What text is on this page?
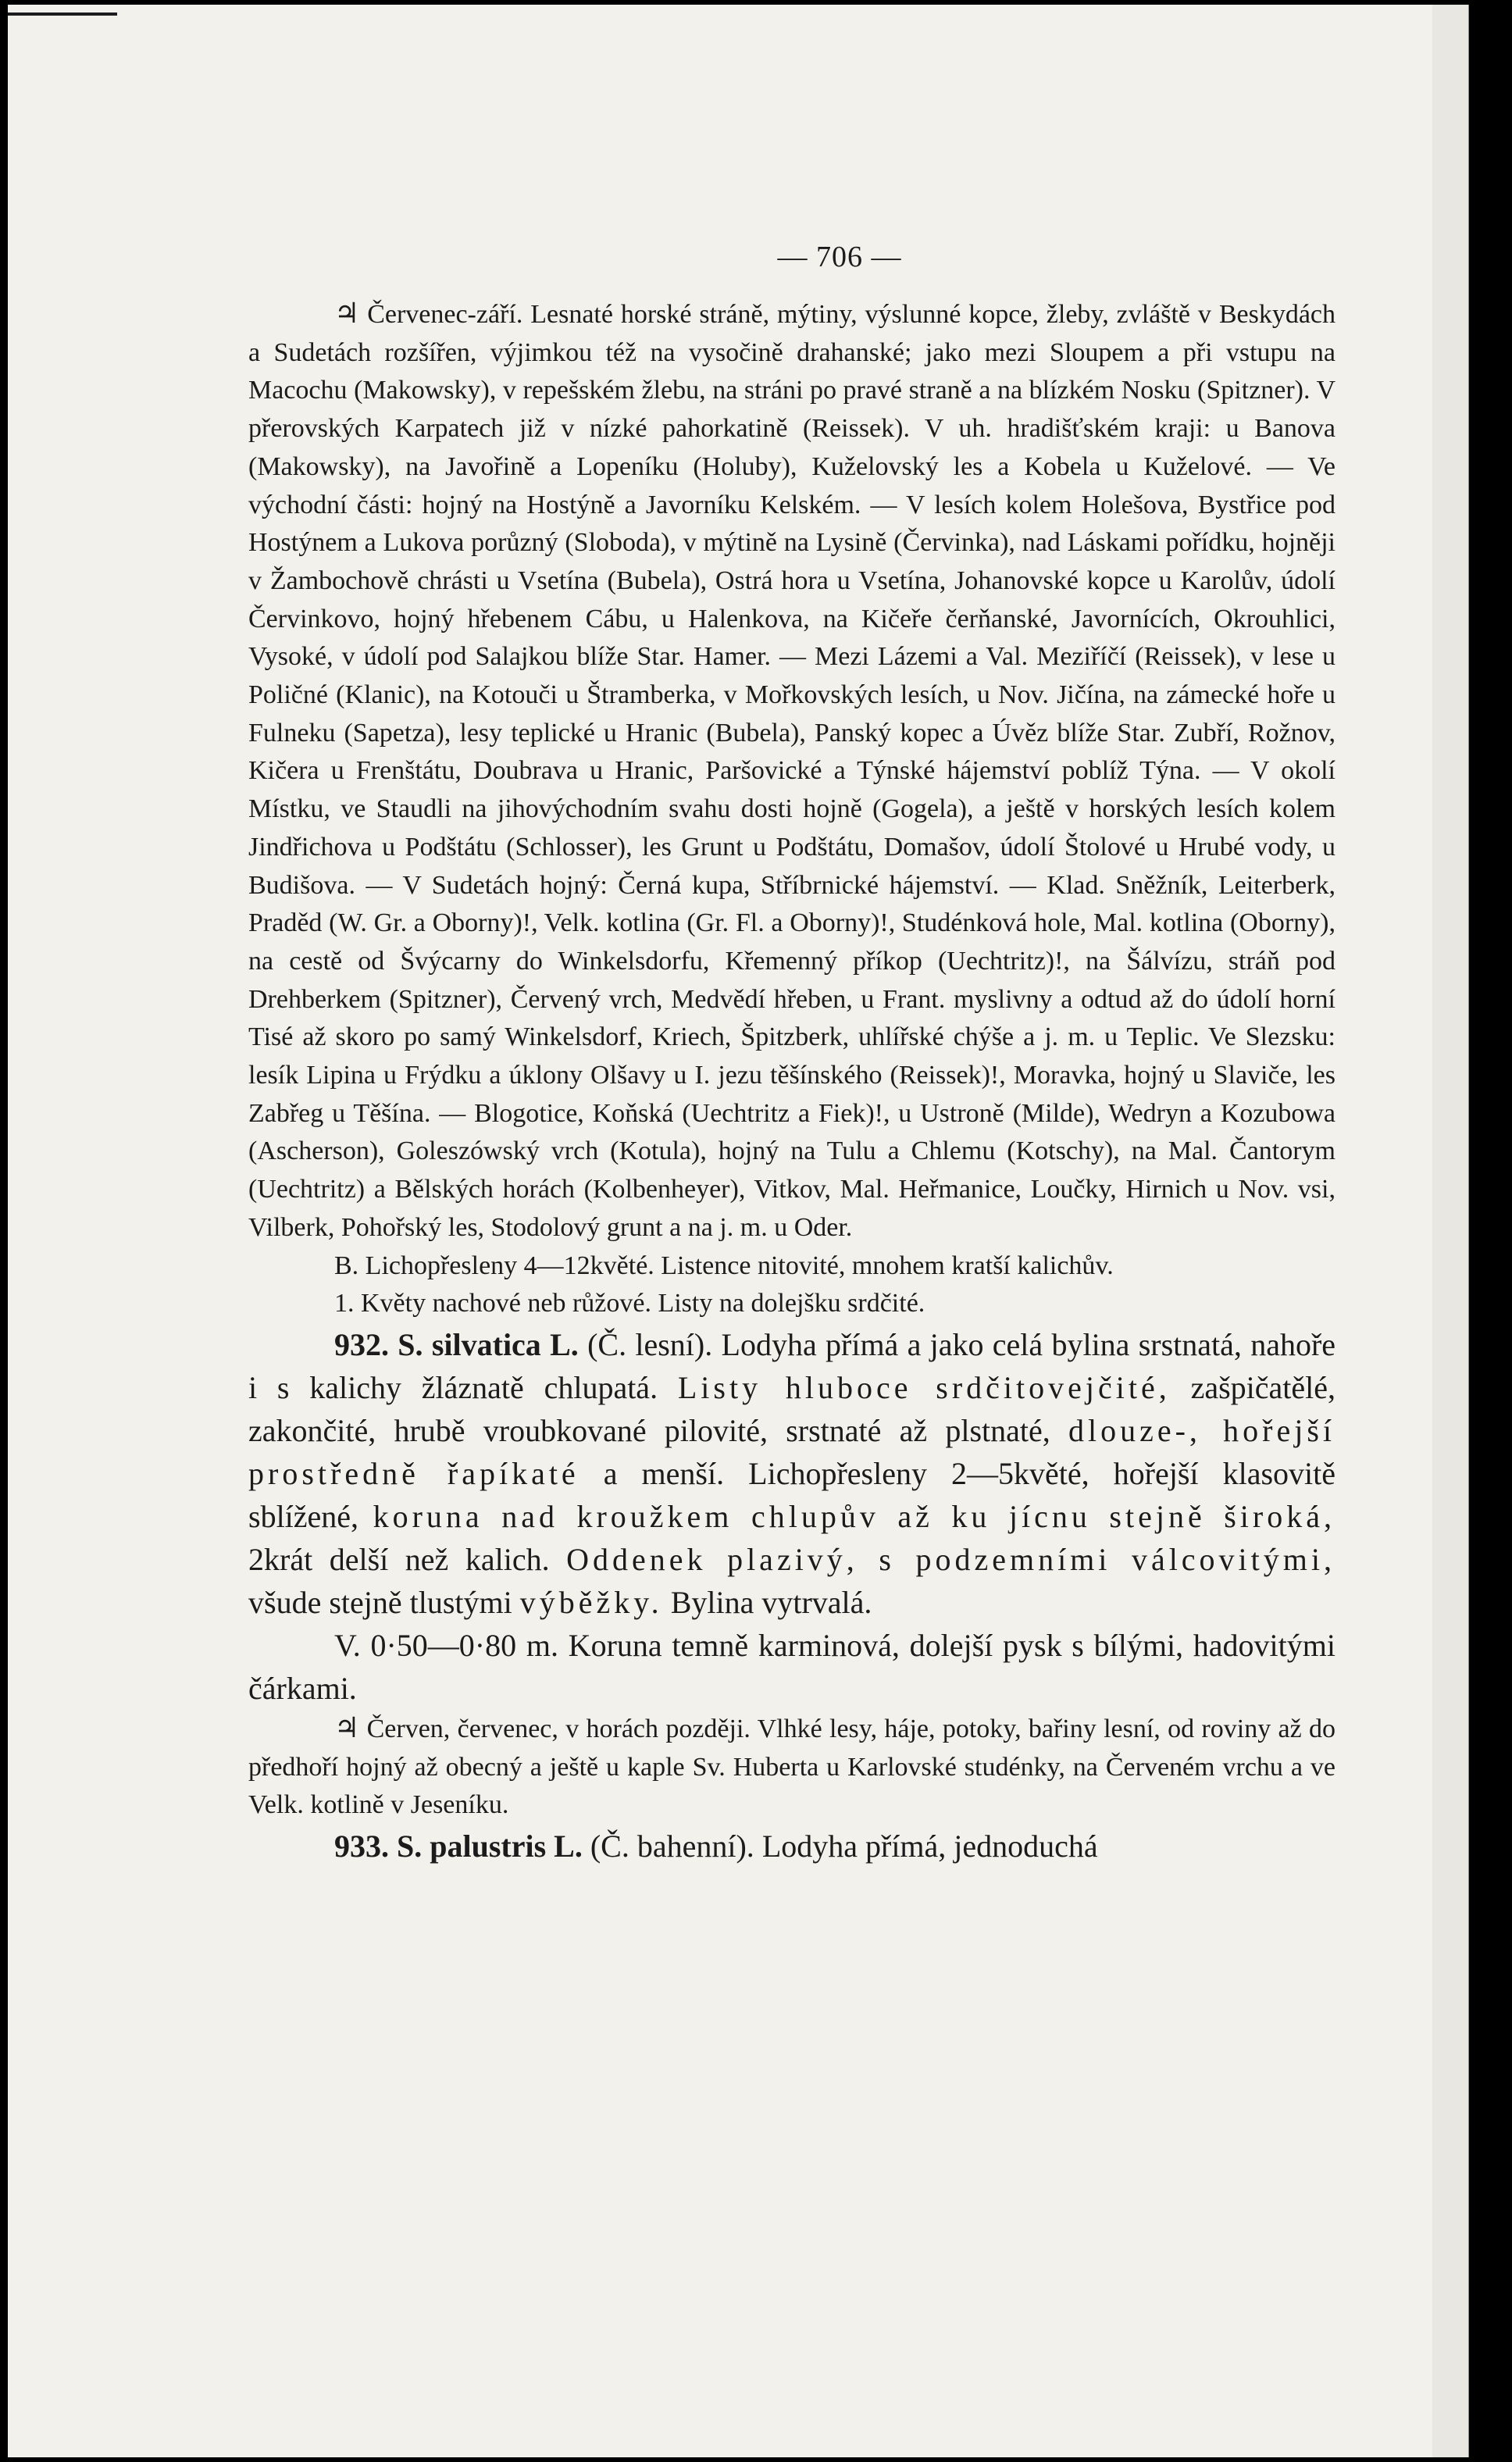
— 706 —

♃ Červenec-září. Lesnaté horské stráně, mýtiny, výslunné kopce, žleby, zvláště v Beskydách a Sudetách rozšířen, výjimkou též na vysočině drahanské; jako mezi Sloupem a při vstupu na Macochu (Makowsky), v repešském žlebu, na stráni po pravé straně a na blízkém Nosku (Spitzner). V přerovských Karpatech již v nízké pahorkatině (Reissek). V uh. hradišťském kraji: u Banova (Makowsky), na Javořině a Lopeníku (Holuby), Kuželovský les a Kobela u Kuželové. — Ve východní části: hojný na Hostýně a Javorníku Kelském. — V lesích kolem Holešova, Bystřice pod Hostýnem a Lukova porůzný (Sloboda), v mýtině na Lysině (Červinka), nad Láskami pořídku, hojněji v Žambochově chrásti u Vsetína (Bubela), Ostrá hora u Vsetína, Johanovské kopce u Karolův, údolí Červinkovo, hojný hřebenem Cábu, u Halenkova, na Kičeře čerňanské, Javornících, Okrouhlici, Vysoké, v údolí pod Salajkou blíže Star. Hamer. — Mezi Lázemi a Val. Meziříčí (Reissek), v lese u Poličné (Klanic), na Kotouči u Štramberka, v Mořkovských lesích, u Nov. Jičína, na zámecké hoře u Fulneku (Sapetza), lesy teplické u Hranic (Bubela), Panský kopec a Úvěz blíže Star. Zubří, Rožnov, Kičera u Frenštátu, Doubrava u Hranic, Paršovické a Týnské hájemství poblíž Týna. — V okolí Místku, ve Staudli na jihovýchodním svahu dosti hojně (Gogela), a ještě v horských lesích kolem Jindřichova u Podštátu (Schlosser), les Grunt u Podštátu, Domašov, údolí Štolové u Hrubé vody, u Budišova. — V Sudetách hojný: Černá kupa, Stříbrnické hájemství. — Klad. Sněžník, Leiterberk, Praděd (W. Gr. a Oborny)!, Velk. kotlina (Gr. Fl. a Oborny)!, Studénková hole, Mal. kotlina (Oborny), na cestě od Švýcarny do Winkelsdorfu, Křemenný příkop (Uechtritz)!, na Šálvízu, stráň pod Drehberkem (Spitzner), Červený vrch, Medvědí hřeben, u Frant. myslivny a odtud až do údolí horní Tisé až skoro po samý Winkelsdorf, Kriech, Špitzberk, uhlířské chýše a j. m. u Teplic. Ve Slezsku: lesík Lipina u Frýdku a úklony Olšavy u I. jezu těšínského (Reissek)!, Moravka, hojný u Slaviče, les Zabřeg u Těšína. — Blogotice, Koňská (Uechtritz a Fiek)!, u Ustroně (Milde), Wedryn a Kozubowa (Ascherson), Goleszówský vrch (Kotula), hojný na Tulu a Chlemu (Kotschy), na Mal. Čantorym (Uechtritz) a Bělských horách (Kolbenheyer), Vitkov, Mal. Heřmanice, Loučky, Hirnich u Nov. vsi, Vilberk, Pohořský les, Stodolový grunt a na j. m. u Oder.

B. Lichopřesleny 4—12květé. Listence nitovité, mnohem kratší kalichův.

1. Květy nachové neb růžové. Listy na dolejšku srdčité.

932. S. silvatica L. (Č. lesní). Lodyha přímá a jako celá bylina srstnatá, nahoře i s kalichy žláznatě chlupatá. Listy hluboce srdčitovejčité, zašpičatělé, zakončité, hrubě vroubkované pilovité, srstnaté až plstnaté, dlouze-, hořejší prostředně řapíkaté a menší. Lichopřesleny 2—5květé, hořejší klasovitě sblížené, koruna nad kroužkem chlupův až ku jícnu stejně široká, 2krát delší než kalich. Oddenek plazivý, s podzemními válcovitými, všude stejně tlustými výběžky. Bylina vytrvalá.

V. 0·50—0·80 m. Koruna temně karminová, dolejší pysk s bílými, hadovitými čárkami.

♃ Červen, červenec, v horách později. Vlhké lesy, háje, potoky, bařiny lesní, od roviny až do předhoří hojný až obecný a ještě u kaple Sv. Huberta u Karlovské studénky, na Červeném vrchu a ve Velk. kotlině v Jeseníku.

933. S. palustris L. (Č. bahenní). Lodyha přímá, jednoduchá
